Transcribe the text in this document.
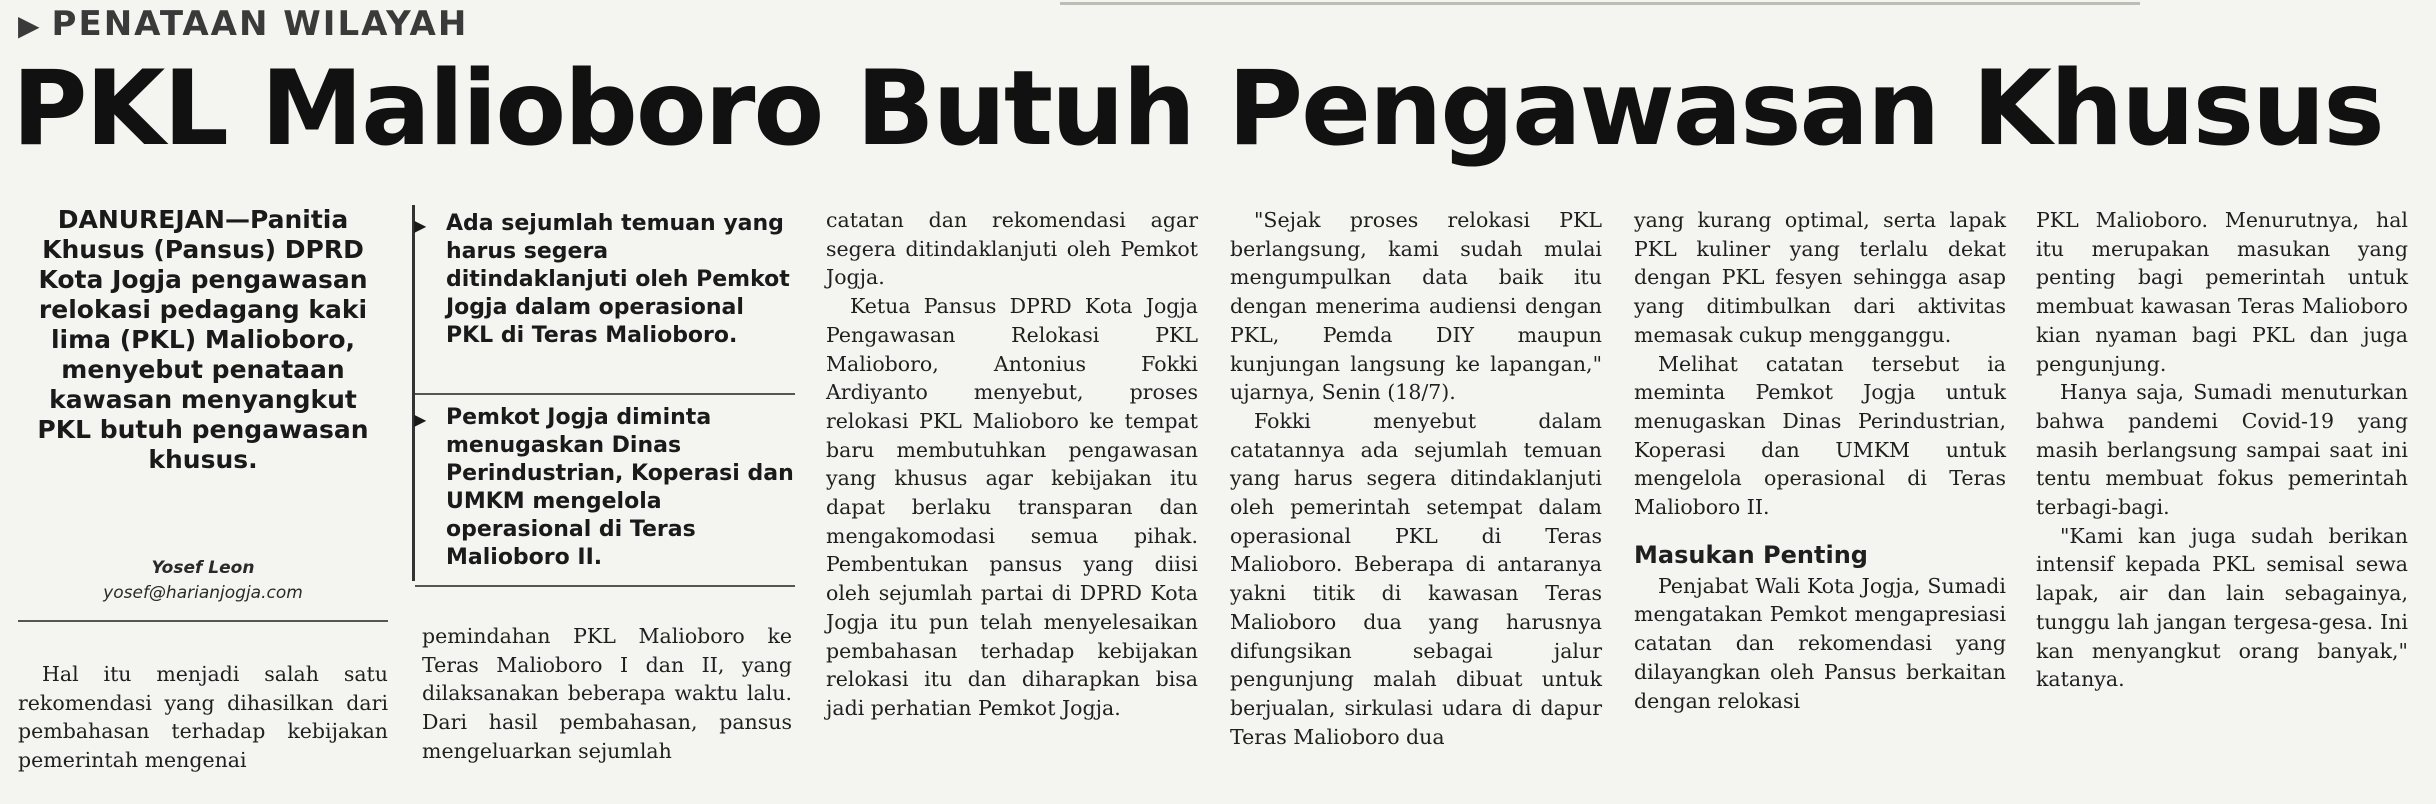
▶ PENATAAN WILAYAH
PKL Malioboro Butuh Pengawasan Khusus
DANUREJAN—Panitia Khusus (Pansus) DPRD Kota Jogja pengawasan relokasi pedagang kaki lima (PKL) Malioboro, menyebut penataan kawasan menyangkut PKL butuh pengawasan khusus.
Yosef Leon
yosef@harianjogja.com
▶ Ada sejumlah temuan yang harus segera ditindaklanjuti oleh Pemkot Jogja dalam operasional PKL di Teras Malioboro.
▶ Pemkot Jogja diminta menugaskan Dinas Perindustrian, Koperasi dan UMKM mengelola operasional di Teras Malioboro II.

Hal itu menjadi salah satu rekomendasi yang dihasilkan dari pembahasan terhadap kebijakan pemerintah mengenai

pemindahan PKL Malioboro ke Teras Malioboro I dan II, yang dilaksanakan beberapa waktu lalu. Dari hasil pembahasan, pansus mengeluarkan sejumlah

catatan dan rekomendasi agar segera ditindaklanjuti oleh Pemkot Jogja.

Ketua Pansus DPRD Kota Jogja Pengawasan Relokasi PKL Malioboro, Antonius Fokki Ardiyanto menyebut, proses relokasi PKL Malioboro ke tempat baru membutuhkan pengawasan yang khusus agar kebijakan itu dapat berlaku transparan dan mengakomodasi semua pihak. Pembentukan pansus yang diisi oleh sejumlah partai di DPRD Kota Jogja itu pun telah menyelesaikan pembahasan terhadap kebijakan relokasi itu dan diharapkan bisa jadi perhatian Pemkot Jogja.

"Sejak proses relokasi PKL berlangsung, kami sudah mulai mengumpulkan data baik itu dengan menerima audiensi dengan PKL, Pemda DIY maupun kunjungan langsung ke lapangan," ujarnya, Senin (18/7).

Fokki menyebut dalam catatannya ada sejumlah temuan yang harus segera ditindaklanjuti oleh pemerintah setempat dalam operasional PKL di Teras Malioboro. Beberapa di antaranya yakni titik di kawasan Teras Malioboro dua yang harusnya difungsikan sebagai jalur pengunjung malah dibuat untuk berjualan, sirkulasi udara di dapur Teras Malioboro dua

yang kurang optimal, serta lapak PKL kuliner yang terlalu dekat dengan PKL fesyen sehingga asap yang ditimbulkan dari aktivitas memasak cukup mengganggu.

Melihat catatan tersebut ia meminta Pemkot Jogja untuk menugaskan Dinas Perindustrian, Koperasi dan UMKM untuk mengelola operasional di Teras Malioboro II.

Masukan Penting

Penjabat Wali Kota Jogja, Sumadi mengatakan Pemkot mengapresiasi catatan dan rekomendasi yang dilayangkan oleh Pansus berkaitan dengan relokasi

PKL Malioboro. Menurutnya, hal itu merupakan masukan yang penting bagi pemerintah untuk membuat kawasan Teras Malioboro kian nyaman bagi PKL dan juga pengunjung.

Hanya saja, Sumadi menuturkan bahwa pandemi Covid-19 yang masih berlangsung sampai saat ini tentu membuat fokus pemerintah terbagi-bagi.

"Kami kan juga sudah berikan intensif kepada PKL semisal sewa lapak, air dan lain sebagainya, tunggu lah jangan tergesa-gesa. Ini kan menyangkut orang banyak," katanya.
